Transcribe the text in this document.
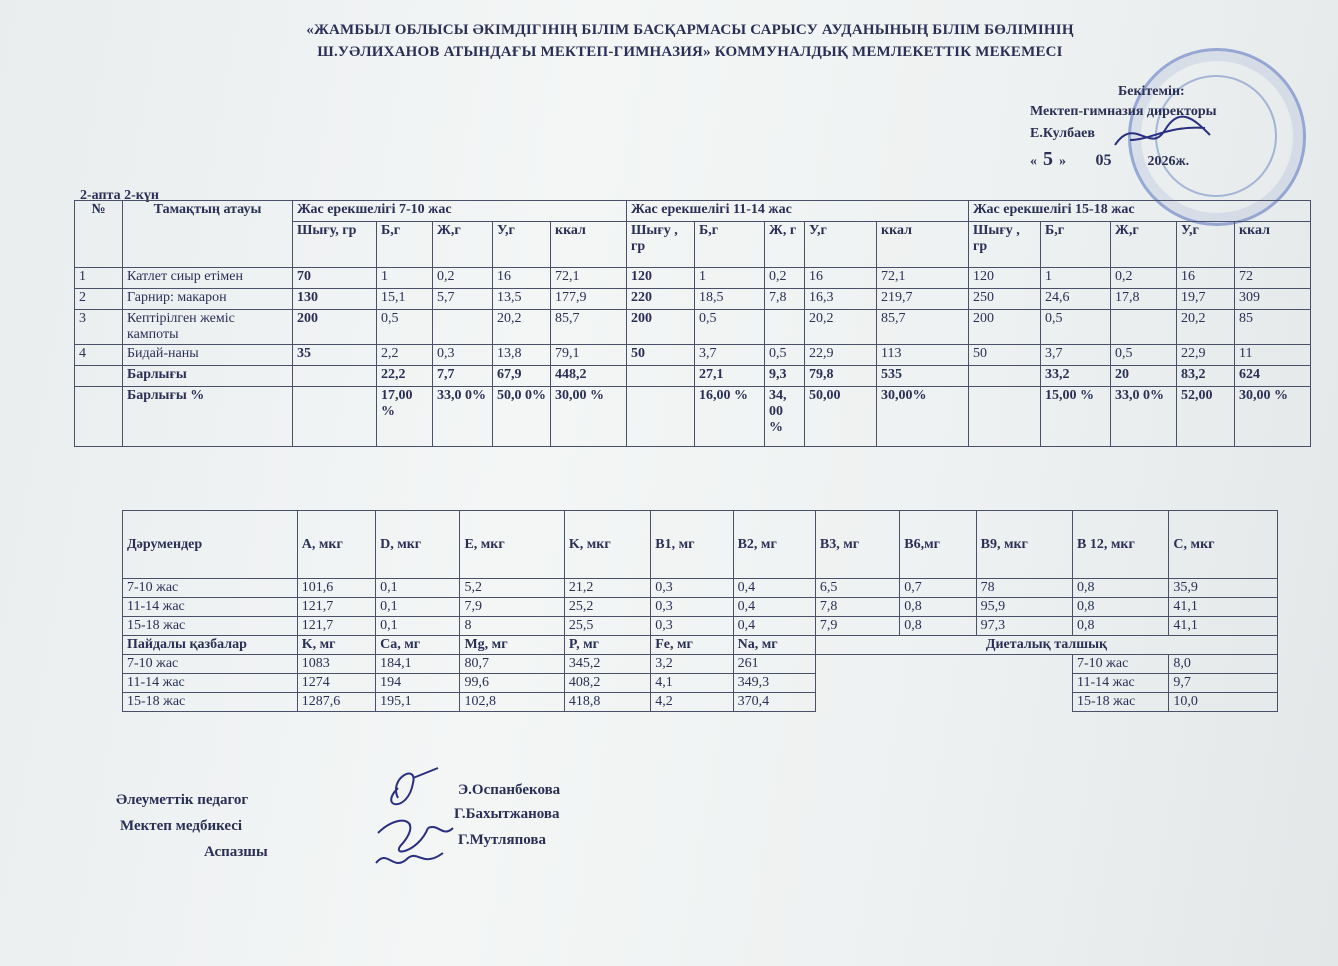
«ЖАМБЫЛ ОБЛЫСЫ ӘКІМДІГІНІҢ БІЛІМ БАСҚАРМАСЫ САРЫСУ АУДАНЫНЫҢ БІЛІМ БӨЛІМІНІҢ
Ш.УӘЛИХАНОВ АТЫНДАҒЫ МЕКТЕП-ГИМНАЗИЯ» КОММУНАЛДЫҚ МЕМЛЕКЕТТІК МЕКЕМЕСІ
Бекітемін:
Мектеп-гимназия директоры
Е.Кулбаев
« 5 » 05	2026ж.
2-апта 2-күн
№	Тамақтың атауы	Жас ерекшелігі 7-10 жас					Жас ерекшелігі 11-14 жас					Жас ерекшелігі 15-18 жас				
		Шығу, гр	Б,г	Ж,г	У,г	ккал	Шығу , гр	Б,г	Ж, г	У,г	ккал	Шығу , гр	Б,г	Ж,г	У,г	ккал
1	Катлет сиыр етімен	70	1	0,2	16	72,1	120	1	0,2	16	72,1	120	1	0,2	16	72
2	Гарнир: макарон	130	15,1	5,7	13,5	177,9	220	18,5	7,8	16,3	219,7	250	24,6	17,8	19,7	309
3	Кептірілген жеміс кампоты	200	0,5		20,2	85,7	200	0,5		20,2	85,7	200	0,5		20,2	85
4	Бидай-наны	35	2,2	0,3	13,8	79,1	50	3,7	0,5	22,9	113	50	3,7	0,5	22,9	11
	Барлығы		22,2	7,7	67,9	448,2		27,1	9,3	79,8	535		33,2	20	83,2	624
	Барлығы %		17,00 %	33,0 0%	50,0 0%	30,00 %		16,00 %	34, 00 %	50,00	30,00%		15,00 %	33,0 0%	52,00	30,00 %
Дәрумендер	A, мкг	D, мкг	E, мкг	K, мкг	B1, мг	B2, мг	B3, мг	B6,мг	B9, мкг	B 12, мкг	C, мкг
7-10 жас	101,6	0,1	5,2	21,2	0,3	0,4	6,5	0,7	78	0,8	35,9
11-14 жас	121,7	0,1	7,9	25,2	0,3	0,4	7,8	0,8	95,9	0,8	41,1
15-18 жас	121,7	0,1	8	25,5	0,3	0,4	7,9	0,8	97,3	0,8	41,1
Пайдалы қазбалар	K, мг	Ca, мг	Mg, мг	P, мг	Fe, мг	Na, мг	Диеталық талшық				
7-10 жас	1083	184,1	80,7	345,2	3,2	261				7-10 жас	8,0
11-14 жас	1274	194	99,6	408,2	4,1	349,3				11-14 жас	9,7
15-18 жас	1287,6	195,1	102,8	418,8	4,2	370,4				15-18 жас	10,0
Әлеуметтік педагог
Мектеп медбикесі
Аспазшы
Э.Оспанбекова
Г.Бахытжанова
Г.Мутляпова
